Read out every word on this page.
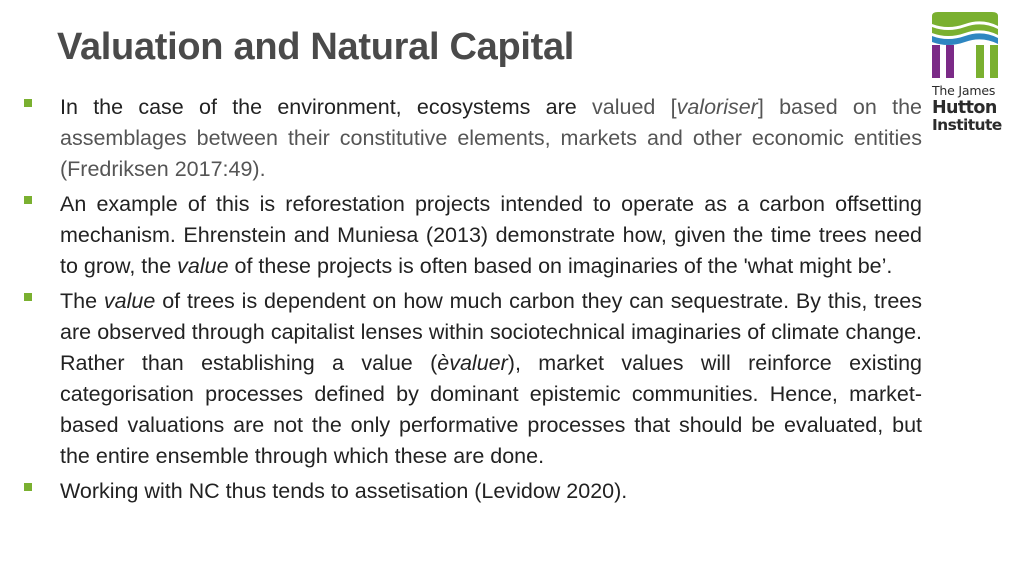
Valuation and Natural Capital
The James
Hutton
Institute
In the case of the environment, ecosystems are valued [valoriser] based on the assemblages between their constitutive elements, markets and other economic entities (Fredriksen 2017:49).
An example of this is reforestation projects intended to operate as a carbon offsetting mechanism. Ehrenstein and Muniesa (2013) demonstrate how, given the time trees need to grow, the value of these projects is often based on imaginaries of the 'what might be’.
The value of trees is dependent on how much carbon they can sequestrate. By this, trees are observed through capitalist lenses within sociotechnical imaginaries of climate change. Rather than establishing a value (èvaluer), market values will reinforce existing categorisation processes defined by dominant epistemic communities. Hence, market-based valuations are not the only performative processes that should be evaluated, but the entire ensemble through which these are done.
Working with NC thus tends to assetisation (Levidow 2020).
